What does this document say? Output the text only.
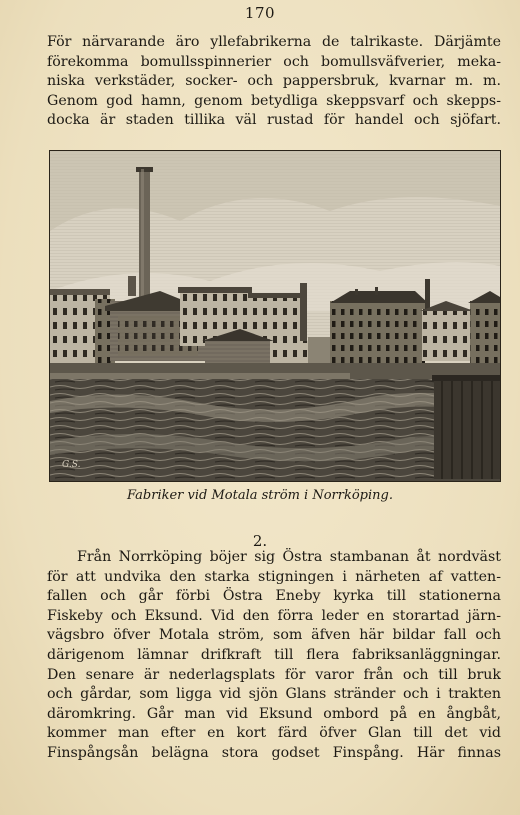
170
För närvarande äro yllefabrikerna de talrikaste. Därjämte
förekomma bomullsspinnerier och bomullsväfverier, meka-
niska verkstäder, socker- och pappersbruk, kvarnar m. m.
Genom god hamn, genom betydliga skeppsvarf och skepps-
docka är staden tillika väl rustad för handel och sjöfart.
G.S.
Fabriker vid Motala ström i Norrköping.
2.
Från Norrköping böjer sig Östra stambanan åt nordväst
för att undvika den starka stigningen i närheten af vatten-
fallen och går förbi Östra Eneby kyrka till stationerna
Fiskeby och Eksund. Vid den förra leder en storartad järn-
vägsbro öfver Motala ström, som äfven här bildar fall och
därigenom lämnar drifkraft till flera fabriksanläggningar.
Den senare är nederlagsplats för varor från och till bruk
och gårdar, som ligga vid sjön Glans stränder och i trakten
däromkring. Går man vid Eksund ombord på en ångbåt,
kommer man efter en kort färd öfver Glan till det vid
Finspångsån belägna stora godset Finspång. Här finnas
